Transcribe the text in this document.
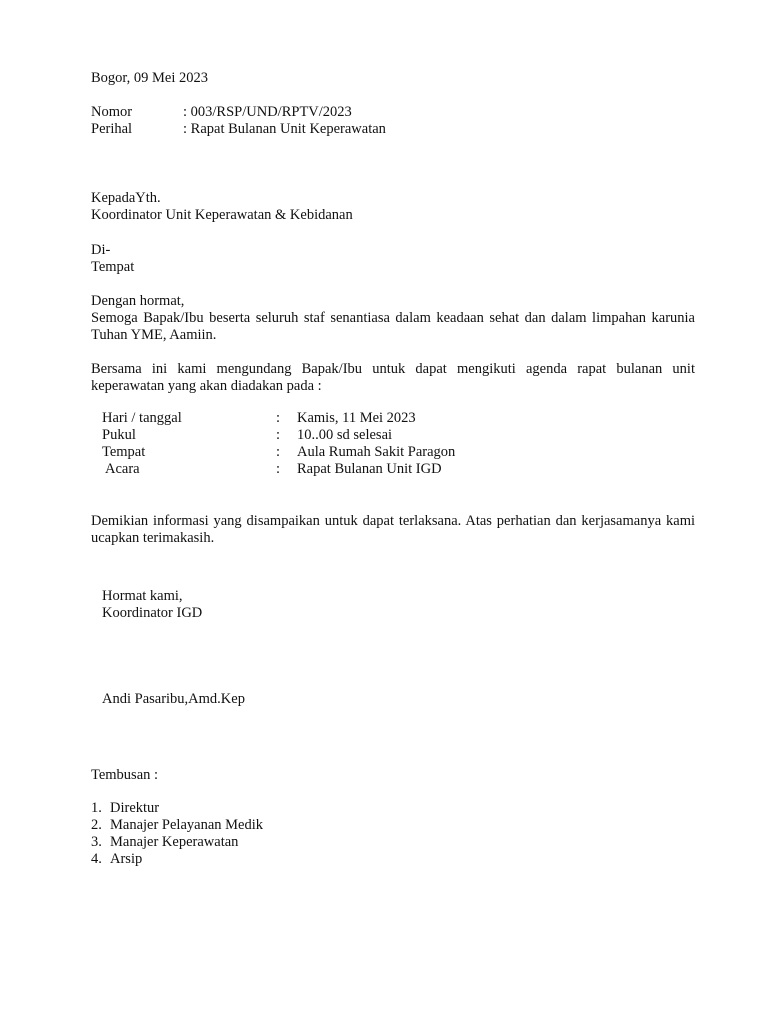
Bogor, 09 Mei 2023
Nomor	: 003/RSP/UND/RPTV/2023
Perihal	: Rapat Bulanan Unit Keperawatan
KepadaYth.
Koordinator Unit Keperawatan & Kebidanan
Di-
Tempat
Dengan hormat,
Semoga Bapak/Ibu beserta seluruh staf senantiasa dalam keadaan sehat dan dalam limpahan karunia Tuhan YME, Aamiin.
Bersama ini kami mengundang Bapak/Ibu untuk dapat mengikuti agenda rapat bulanan unit keperawatan yang akan diadakan pada :
Hari / tanggal	: Kamis, 11 Mei 2023
Pukul	: 10..00 sd selesai
Tempat	: Aula Rumah Sakit Paragon
Acara	: Rapat Bulanan Unit IGD
Demikian informasi yang disampaikan untuk dapat terlaksana. Atas perhatian dan kerjasamanya kami ucapkan terimakasih.
Hormat kami,
Koordinator IGD
Andi Pasaribu,Amd.Kep
Tembusan :
1. Direktur
2. Manajer Pelayanan Medik
3. Manajer Keperawatan
4. Arsip
